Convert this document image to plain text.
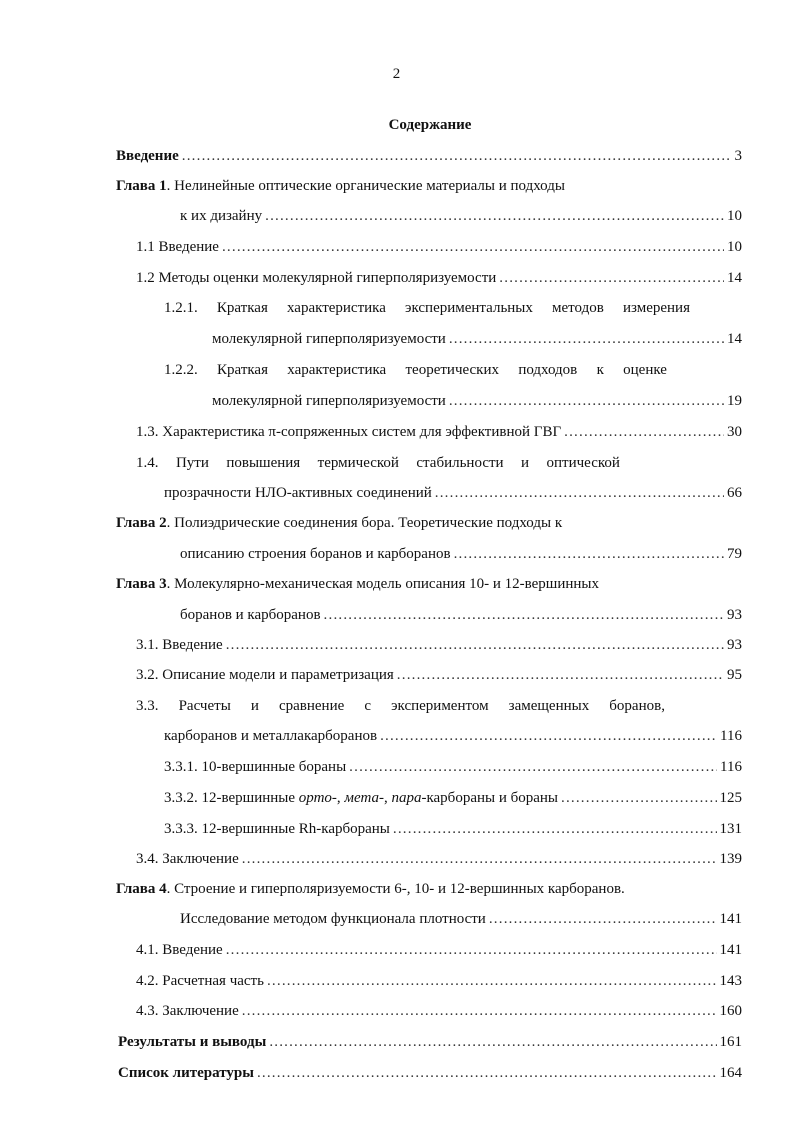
2
Содержание
Введение .....	3
Глава 1. Нелинейные оптические органические материалы и подходы
к их дизайну .....	10
1.1 Введение .....	10
1.2 Методы оценки молекулярной гиперполяризуемости .....	14
1.2.1. Краткая характеристика экспериментальных методов измерения
молекулярной гиперполяризуемости .....	14
1.2.2. Краткая характеристика теоретических подходов к оценке
молекулярной гиперполяризуемости .....	19
1.3. Характеристика π-сопряженных систем для эффективной ГВГ .....	30
1.4. Пути повышения термической стабильности и оптической
прозрачности НЛО-активных соединений .....	66
Глава 2. Полиэдрические соединения бора. Теоретические подходы к
описанию строения боранов и карборанов .....	79
Глава 3. Молекулярно-механическая модель описания 10- и 12-вершинных
боранов и карборанов .....	93
3.1. Введение .....	93
3.2. Описание модели и параметризация .....	95
3.3. Расчеты и сравнение с экспериментом замещенных боранов,
карборанов и металлакарборанов .....	116
3.3.1. 10-вершинные бораны .....	116
3.3.2. 12-вершинные орто-, мета-, пара-карбораны и бораны .....	125
3.3.3. 12-вершинные Rh-карбораны .....	131
3.4. Заключение .....	139
Глава 4. Строение и гиперполяризуемости 6-, 10- и 12-вершинных карборанов.
Исследование методом функционала плотности .....	141
4.1. Введение .....	141
4.2. Расчетная часть .....	143
4.3. Заключение .....	160
Результаты и выводы .....	161
Список литературы .....	164
